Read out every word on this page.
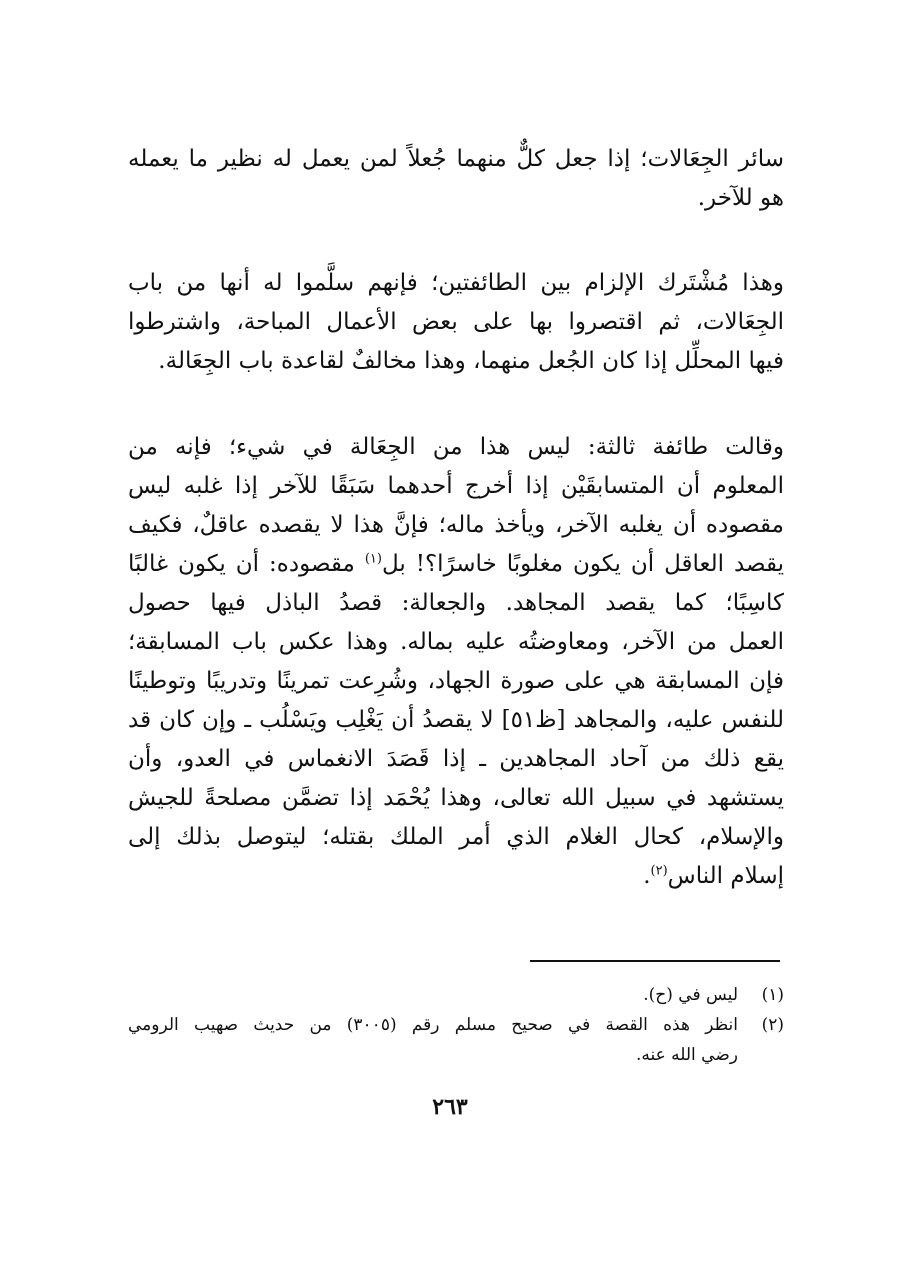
سائر الجِعَالات؛ إذا جعل كلٌّ منهما جُعلاً لمن يعمل له نظير ما يعمله
هو للآخر.

وهذا مُشْتَرك الإلزام بين الطائفتين؛ فإنهم سلَّموا له أنها من باب
الجِعَالات، ثم اقتصروا بها على بعض الأعمال المباحة، واشترطوا
فيها المحلِّل إذا كان الجُعل منهما، وهذا مخالفٌ لقاعدة باب الجِعَالة.

وقالت طائفة ثالثة: ليس هذا من الجِعَالة في شيء؛ فإنه من
المعلوم أن المتسابقَيْن إذا أخرج أحدهما سَبَقًا للآخر إذا غلبه ليس
مقصوده أن يغلبه الآخر، ويأخذ ماله؛ فإنَّ هذا لا يقصده عاقلٌ، فكيف
يقصد العاقل أن يكون مغلوبًا خاسرًا؟! بل$^{(١)}$ مقصوده: أن يكون غالبًا
كاسِبًا؛ كما يقصد المجاهد. والجعالة: قصدُ الباذل فيها حصول
العمل من الآخر، ومعاوضتُه عليه بماله. وهذا عكس باب المسابقة؛
فإن المسابقة هي على صورة الجهاد، وشُرِعت تمرينًا وتدريبًا وتوطينًا
للنفس عليه، والمجاهد [ظ٥١] لا يقصدُ أن يَغْلِب ويَسْلُب ـ وإن كان قد
يقع ذلك من آحاد المجاهدين ـ إذا قَصَدَ الانغماس في العدو، وأن
يستشهد في سبيل الله تعالى، وهذا يُحْمَد إذا تضمَّن مصلحةً للجيش
والإسلام، كحال الغلام الذي أمر الملك بقتله؛ ليتوصل بذلك إلى
إسلام الناس$^{(٢)}$.

(١)
ليس في (ح).
(٢)
انظر هذه القصة في صحيح مسلم رقم (٣٠٠٥) من حديث صهيب الرومي
رضي الله عنه.
٢٦٣
